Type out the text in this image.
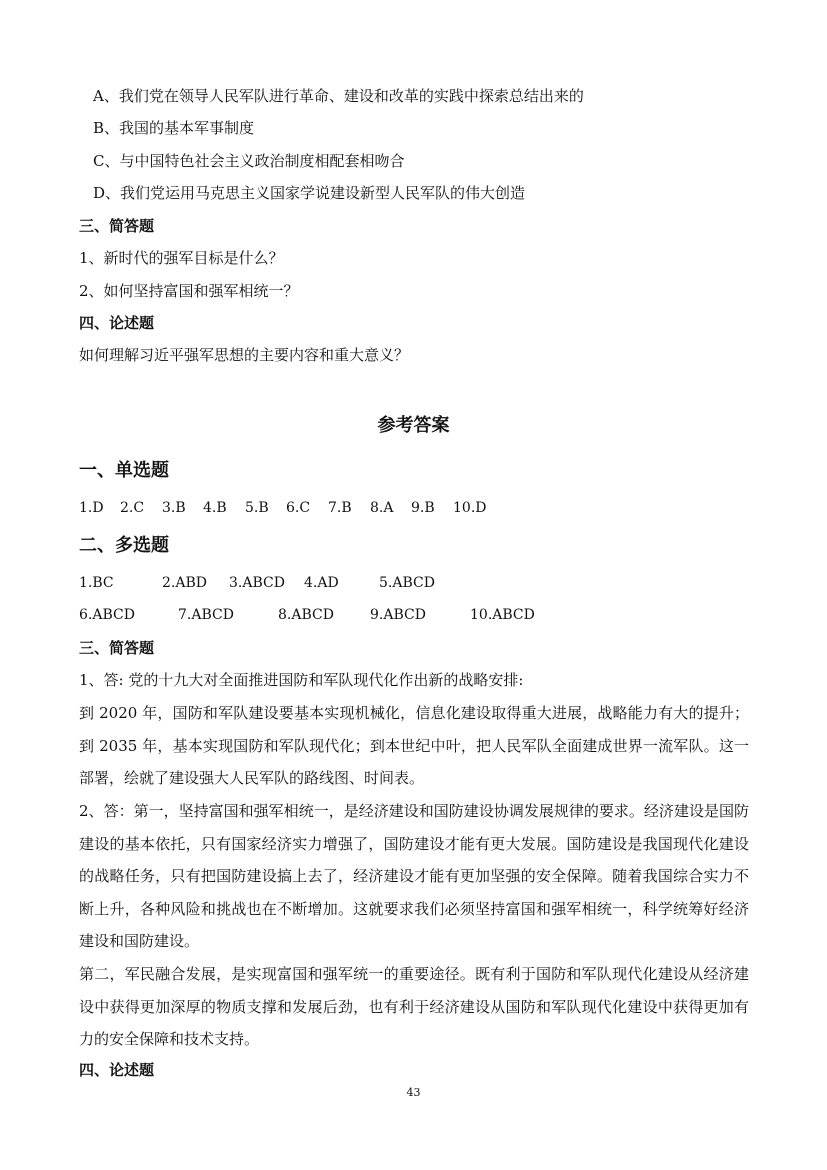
A、我们党在领导人民军队进行革命、建设和改革的实践中探索总结出来的
B、我国的基本军事制度
C、与中国特色社会主义政治制度相配套相吻合
D、我们党运用马克思主义国家学说建设新型人民军队的伟大创造
三、简答题
1、新时代的强军目标是什么？
2、如何坚持富国和强军相统一？
四、论述题
如何理解习近平强军思想的主要内容和重大意义？
参考答案
一、单选题
1.D 2.C 3.B 4.B 5.B 6.C 7.B 8.A 9.B 10.D
二、多选题
1.BC	2.ABD 3.ABCD 4.AD	5.ABCD
6.ABCD	7.ABCD	8.ABCD	9.ABCD	10.ABCD
三、简答题
1、答: 党的十九大对全面推进国防和军队现代化作出新的战略安排:
到 2020 年，国防和军队建设要基本实现机械化，信息化建设取得重大进展，战略能力有大的提升；到 2035 年，基本实现国防和军队现代化；到本世纪中叶，把人民军队全面建成世界一流军队。这一部署，绘就了建设强大人民军队的路线图、时间表。
2、答：第一，坚持富国和强军相统一，是经济建设和国防建设协调发展规律的要求。经济建设是国防建设的基本依托，只有国家经济实力增强了，国防建设才能有更大发展。国防建设是我国现代化建设的战略任务，只有把国防建设搞上去了，经济建设才能有更加坚强的安全保障。随着我国综合实力不断上升，各种风险和挑战也在不断增加。这就要求我们必须坚持富国和强军相统一，科学统筹好经济建设和国防建设。
第二，军民融合发展，是实现富国和强军统一的重要途径。既有利于国防和军队现代化建设从经济建设中获得更加深厚的物质支撑和发展后劲，也有利于经济建设从国防和军队现代化建设中获得更加有力的安全保障和技术支持。
四、论述题
43
